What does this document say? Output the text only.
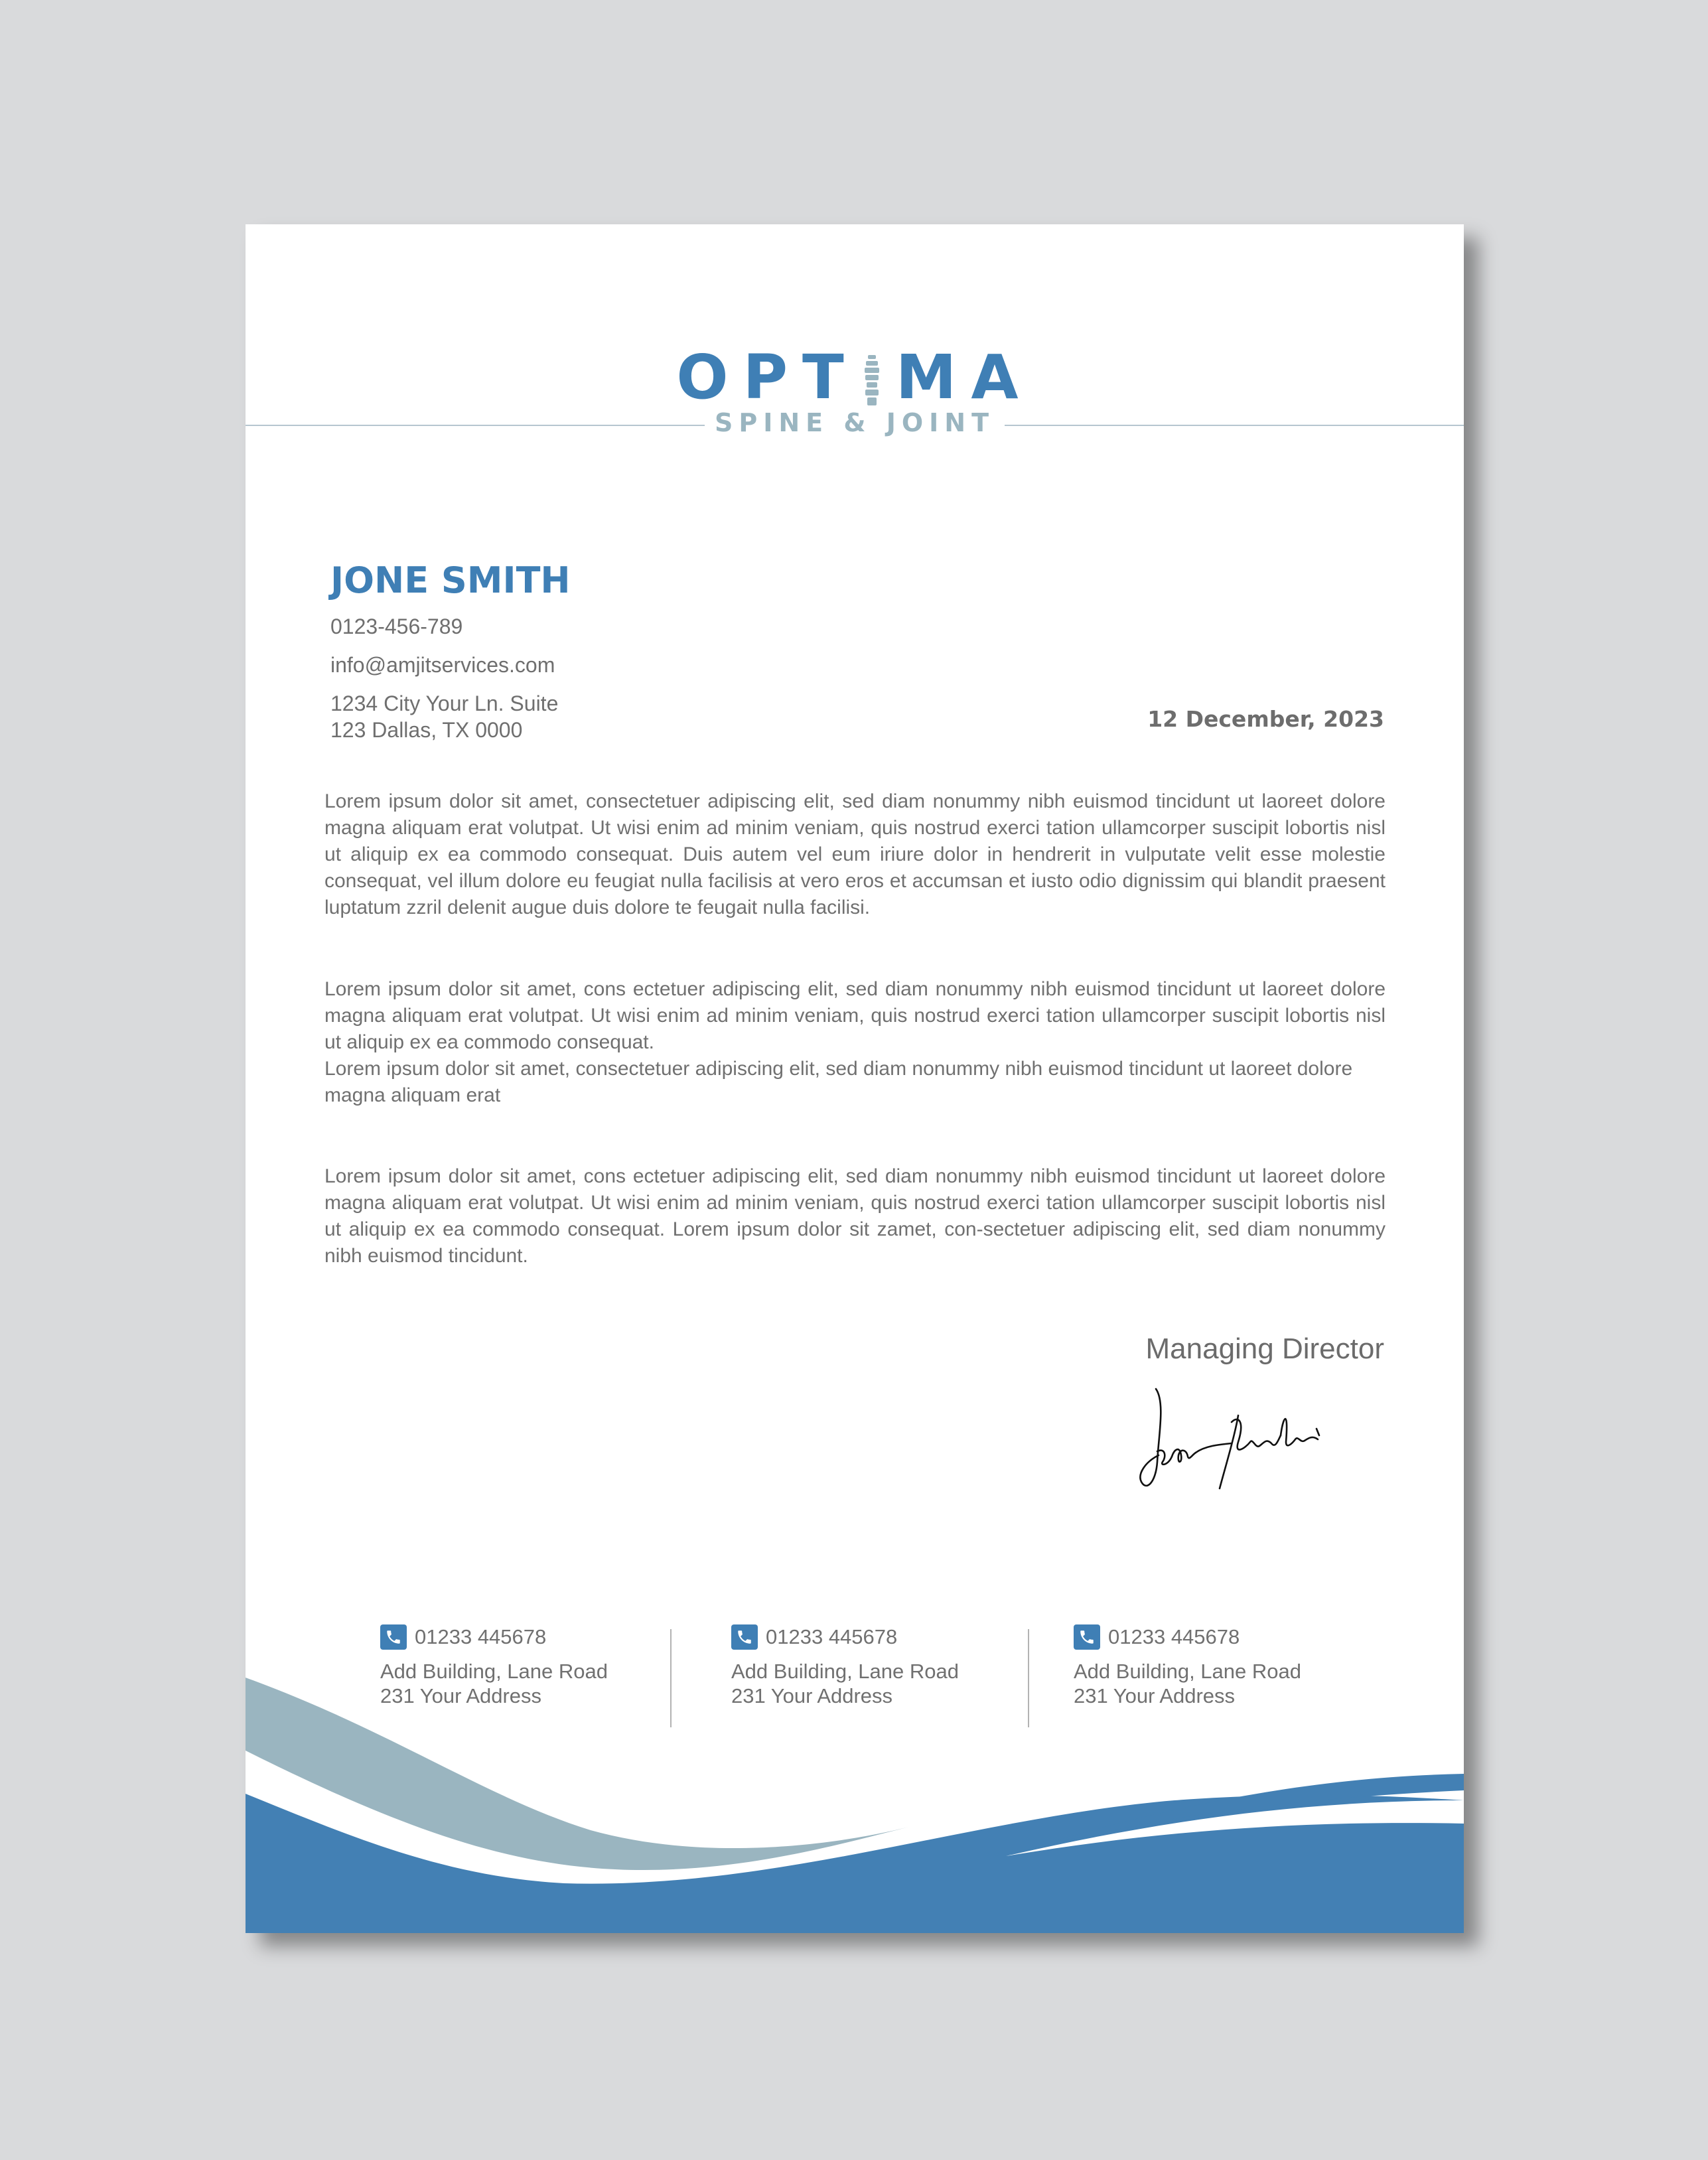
OPT MA
SPINE & JOINT
JONE SMITH
0123-456-789
info@amjitservices.com
1234 City Your Ln. Suite
123 Dallas, TX 0000	12 December, 2023

Lorem ipsum dolor sit amet, consectetuer adipiscing elit, sed diam nonummy nibh euismod tincidunt ut laoreet dolore magna aliquam erat volutpat. Ut wisi enim ad minim veniam, quis nostrud exerci tation ullamcorper suscipit lobortis nisl ut aliquip ex ea commodo consequat. Duis autem vel eum iriure dolor in hendrerit in vulputate velit esse molestie consequat, vel illum dolore eu feugiat nulla facilisis at vero eros et accumsan et iusto odio dignissim qui blandit praesent luptatum zzril delenit augue duis dolore te feugait nulla facilisi.

Lorem ipsum dolor sit amet, cons ectetuer adipiscing elit, sed diam nonummy nibh euismod tincidunt ut laoreet dolore magna aliquam erat volutpat. Ut wisi enim ad minim veniam, quis nostrud exerci tation ullamcorper suscipit lobortis nisl ut aliquip ex ea commodo consequat.

Lorem ipsum dolor sit amet, consectetuer adipiscing elit, sed diam nonummy nibh euismod tincidunt ut laoreet dolore magna aliquam erat

Lorem ipsum dolor sit amet, cons ectetuer adipiscing elit, sed diam nonummy nibh euismod tincidunt ut laoreet dolore magna aliquam erat volutpat. Ut wisi enim ad minim veniam, quis nostrud exerci tation ullamcorper suscipit lobortis nisl ut aliquip ex ea commodo consequat. Lorem ipsum dolor sit zamet, con-sectetuer adipiscing elit, sed diam nonummy nibh euismod tincidunt.

Managing Director
01233 445678
Add Building, Lane Road
231 Your Address
01233 445678
Add Building, Lane Road
231 Your Address
01233 445678
Add Building, Lane Road
231 Your Address
